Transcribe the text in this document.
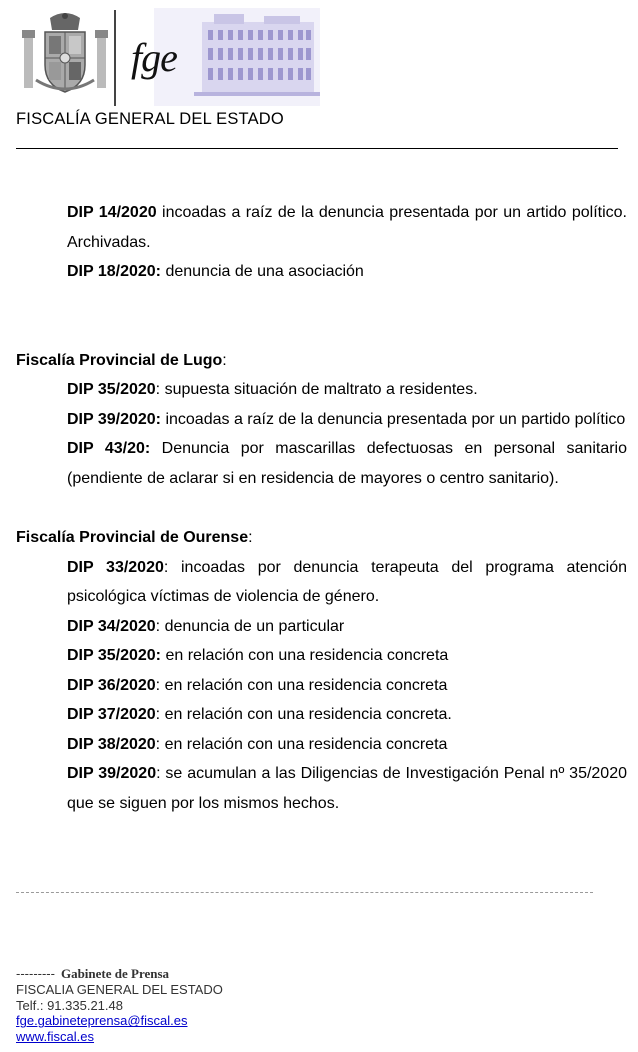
fge
FISCALÍA GENERAL DEL ESTADO

DIP 14/2020 incoadas a raíz de la denuncia presentada por un artido político. Archivadas.

DIP 18/2020: denuncia de una asociación

Fiscalía Provincial de Lugo:

DIP 35/2020: supuesta situación de maltrato a residentes.

DIP 39/2020: incoadas a raíz de la denuncia presentada por un partido político

DIP 43/20: Denuncia por mascarillas defectuosas en personal sanitario (pendiente de aclarar si en residencia de mayores o centro sanitario).

Fiscalía Provincial de Ourense:

DIP 33/2020: incoadas por denuncia terapeuta del programa atención psicológica víctimas de violencia de género.

DIP 34/2020: denuncia de un particular

DIP 35/2020: en relación con una residencia concreta

DIP 36/2020: en relación con una residencia concreta

DIP 37/2020: en relación con una residencia concreta.

DIP 38/2020: en relación con una residencia concreta

DIP 39/2020: se acumulan a las Diligencias de Investigación Penal nº 35/2020 que se siguen por los mismos hechos.

--------- Gabinete de Prensa
FISCALIA GENERAL DEL ESTADO
Telf.: 91.335.21.48
fge.gabineteprensa@fiscal.es
www.fiscal.es
